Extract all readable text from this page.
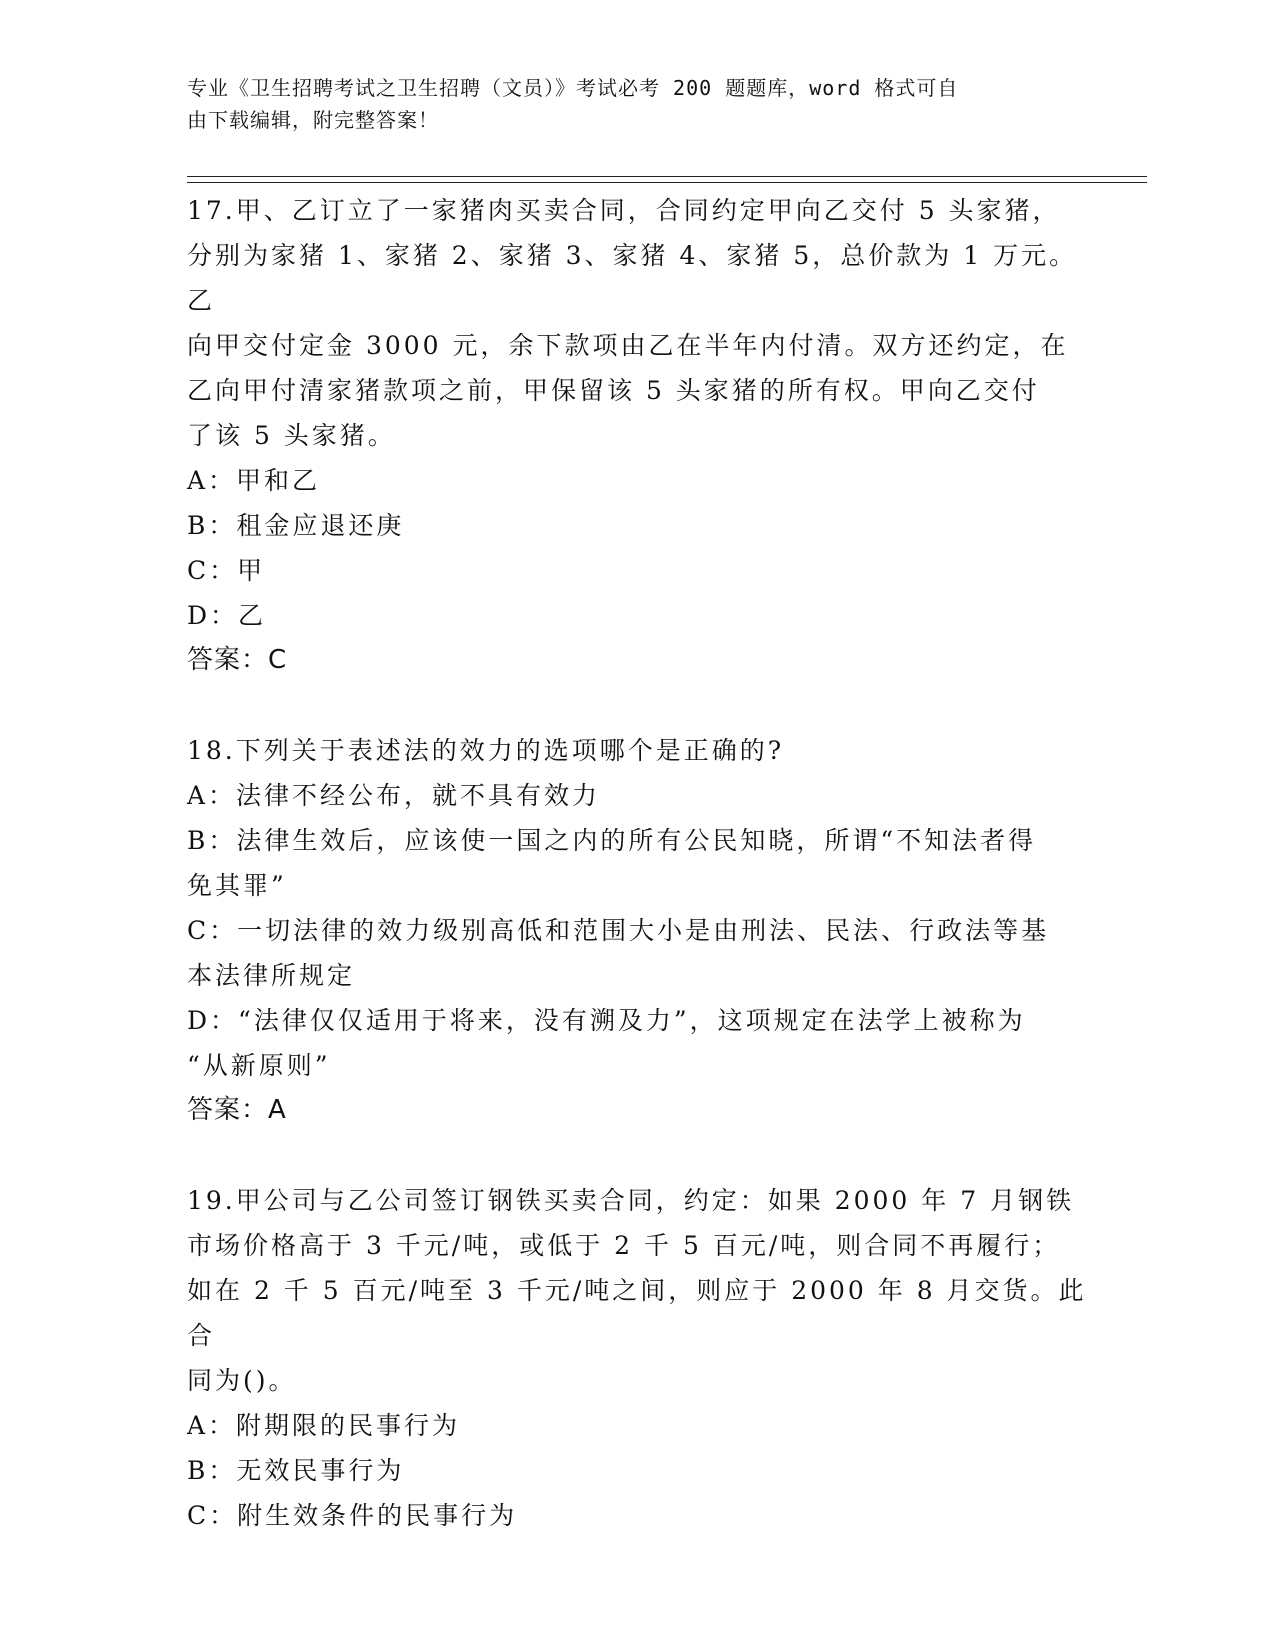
专业《卫生招聘考试之卫生招聘（文员）》考试必考 200 题题库，word 格式可自
由下载编辑，附完整答案！

17.甲、乙订立了一家猪肉买卖合同，合同约定甲向乙交付 5 头家猪，

分别为家猪 1、家猪 2、家猪 3、家猪 4、家猪 5，总价款为 1 万元。乙

向甲交付定金 3000 元，余下款项由乙在半年内付清。双方还约定，在

乙向甲付清家猪款项之前，甲保留该 5 头家猪的所有权。甲向乙交付

了该 5 头家猪。

A：甲和乙

B：租金应退还庚

C：甲

D：乙

答案：C

18.下列关于表述法的效力的选项哪个是正确的?

A：法律不经公布，就不具有效力

B：法律生效后，应该使一国之内的所有公民知晓，所谓“不知法者得

免其罪”

C：一切法律的效力级别高低和范围大小是由刑法、民法、行政法等基

本法律所规定

D：“法律仅仅适用于将来，没有溯及力”，这项规定在法学上被称为

“从新原则”

答案：A

19.甲公司与乙公司签订钢铁买卖合同，约定：如果 2000 年 7 月钢铁

市场价格高于 3 千元/吨，或低于 2 千 5 百元/吨，则合同不再履行；

如在 2 千 5 百元/吨至 3 千元/吨之间，则应于 2000 年 8 月交货。此合

同为()。

A：附期限的民事行为

B：无效民事行为

C：附生效条件的民事行为
